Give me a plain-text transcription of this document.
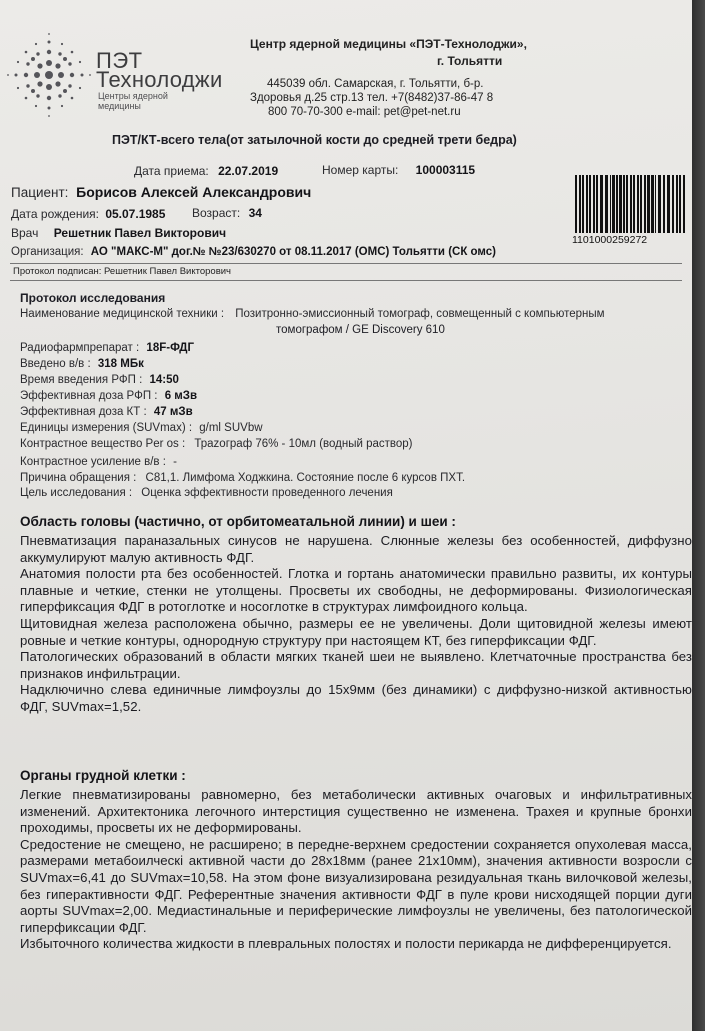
ПЭТ
Технолоджи
Центры ядерной медицины
Центр ядерной медицины «ПЭТ-Технолоджи»,
г. Тольятти
445039 обл. Самарская, г. Тольятти, б-р.
Здоровья д.25 стр.13 тел. +7(8482)37-86-47 8
800 70-70-300 e-mail: pet@pet-net.ru
ПЭТ/КТ-всего тела(от затылочной кости до средней трети бедра)
Дата приема: 22.07.2019	Номер карты: 100003115
Пациент: Борисов Алексей Александрович
Дата рождения: 05.07.1985 Возраст: 34
Врач Решетник Павел Викторович
Организация: АО "МАКС-М" дог.№ №23/630270 от 08.11.2017 (ОМС) Тольятти (СК омс)
1101000259272
Протокол подписан: Решетник Павел Викторович
Протокол исследования
Наименование медицинской техники : Позитронно-эмиссионный томограф, совмещенный с компьютерным
томографом / GE Discovery 610
Радиофармпрепарат : 18F-ФДГ
Введено в/в : 318 МБк
Время введения РФП : 14:50
Эффективная доза РФП : 6 мЗв
Эффективная доза КТ : 47 мЗв
Единицы измерения (SUVmax) : g/ml SUVbw
Контрастное вещество Per os : Трazограф 76% - 10мл (водный раствор)
Контрастное усиление в/в : -
Причина обращения : C81,1. Лимфома Ходжкина. Состояние после 6 курсов ПХТ.
Цель исследования : Оценка эффективности проведенного лечения
Область головы (частично, от орбитомеатальной линии) и шеи :

Пневматизация параназальных синусов не нарушена. Слюнные железы без особенностей, диффузно аккумулируют малую активность ФДГ.

Анатомия полости рта без особенностей. Глотка и гортань анатомически правильно развиты, их контуры плавные и четкие, стенки не утолщены. Просветы их свободны, не деформированы. Физиологическая гиперфиксация ФДГ в ротоглотке и носоглотке в структурах лимфоидного кольца.

Щитовидная железа расположена обычно, размеры ее не увеличены. Доли щитовидной железы имеют ровные и четкие контуры, однородную структуру при настоящем КТ, без гиперфиксации ФДГ.

Патологических образований в области мягких тканей шеи не выявлено. Клетчаточные пространства без признаков инфильтрации.

Надключично слева единичные лимфоузлы до 15x9мм (без динамики) с диффузно-низкой активностью ФДГ, SUVmax=1,52.

Органы грудной клетки :

Легкие пневматизированы равномерно, без метаболически активных очаговых и инфильтративных изменений. Архитектоника легочного интерстиция существенно не изменена. Трахея и крупные бронхи проходимы, просветы их не деформированы.

Средостение не смещено, не расширено; в передне-верхнем средостении сохраняется опухолевая масса, размерами метабоилческi активной части до 28x18мм (ранее 21x10мм), значения активности возросли с SUVmax=6,41 до SUVmax=10,58. На этом фоне визуализирована резидуальная ткань вилочковой железы, без гиперактивности ФДГ. Референтные значения активности ФДГ в пуле крови нисходящей порции дуги аорты SUVmax=2,00. Медиастинальные и периферические лимфоузлы не увеличены, без патологической гиперфиксации ФДГ.

Избыточного количества жидкости в плевральных полостях и полости перикарда не дифференцируется.
